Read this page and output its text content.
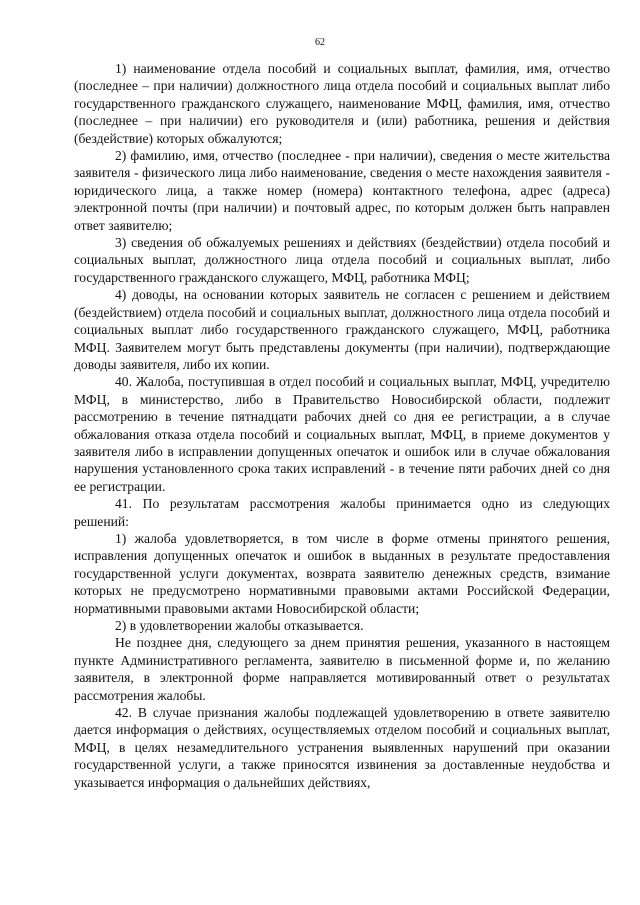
62

1) наименование отдела пособий и социальных выплат, фамилия, имя, отчество (последнее – при наличии) должностного лица отдела пособий и социальных выплат либо государственного гражданского служащего, наименование МФЦ, фамилия, имя, отчество (последнее – при наличии) его руководителя и (или) работника, решения и действия (бездействие) которых обжалуются;

2) фамилию, имя, отчество (последнее - при наличии), сведения о месте жительства заявителя - физического лица либо наименование, сведения о месте нахождения заявителя - юридического лица, а также номер (номера) контактного телефона, адрес (адреса) электронной почты (при наличии) и почтовый адрес, по которым должен быть направлен ответ заявителю;

3) сведения об обжалуемых решениях и действиях (бездействии) отдела пособий и социальных выплат, должностного лица отдела пособий и социальных выплат, либо государственного гражданского служащего, МФЦ, работника МФЦ;

4) доводы, на основании которых заявитель не согласен с решением и действием (бездействием) отдела пособий и социальных выплат, должностного лица отдела пособий и социальных выплат либо государственного гражданского служащего, МФЦ, работника МФЦ. Заявителем могут быть представлены документы (при наличии), подтверждающие доводы заявителя, либо их копии.

40. Жалоба, поступившая в отдел пособий и социальных выплат, МФЦ, учредителю МФЦ, в министерство, либо в Правительство Новосибирской области, подлежит рассмотрению в течение пятнадцати рабочих дней со дня ее регистрации, а в случае обжалования отказа отдела пособий и социальных выплат, МФЦ, в приеме документов у заявителя либо в исправлении допущенных опечаток и ошибок или в случае обжалования нарушения установленного срока таких исправлений - в течение пяти рабочих дней со дня ее регистрации.

41. По результатам рассмотрения жалобы принимается одно из следующих решений:

1) жалоба удовлетворяется, в том числе в форме отмены принятого решения, исправления допущенных опечаток и ошибок в выданных в результате предоставления государственной услуги документах, возврата заявителю денежных средств, взимание которых не предусмотрено нормативными правовыми актами Российской Федерации, нормативными правовыми актами Новосибирской области;

2) в удовлетворении жалобы отказывается.

Не позднее дня, следующего за днем принятия решения, указанного в настоящем пункте Административного регламента, заявителю в письменной форме и, по желанию заявителя, в электронной форме направляется мотивированный ответ о результатах рассмотрения жалобы.

42. В случае признания жалобы подлежащей удовлетворению в ответе заявителю дается информация о действиях, осуществляемых отделом пособий и социальных выплат, МФЦ, в целях незамедлительного устранения выявленных нарушений при оказании государственной услуги, а также приносятся извинения за доставленные неудобства и указывается информация о дальнейших действиях,
